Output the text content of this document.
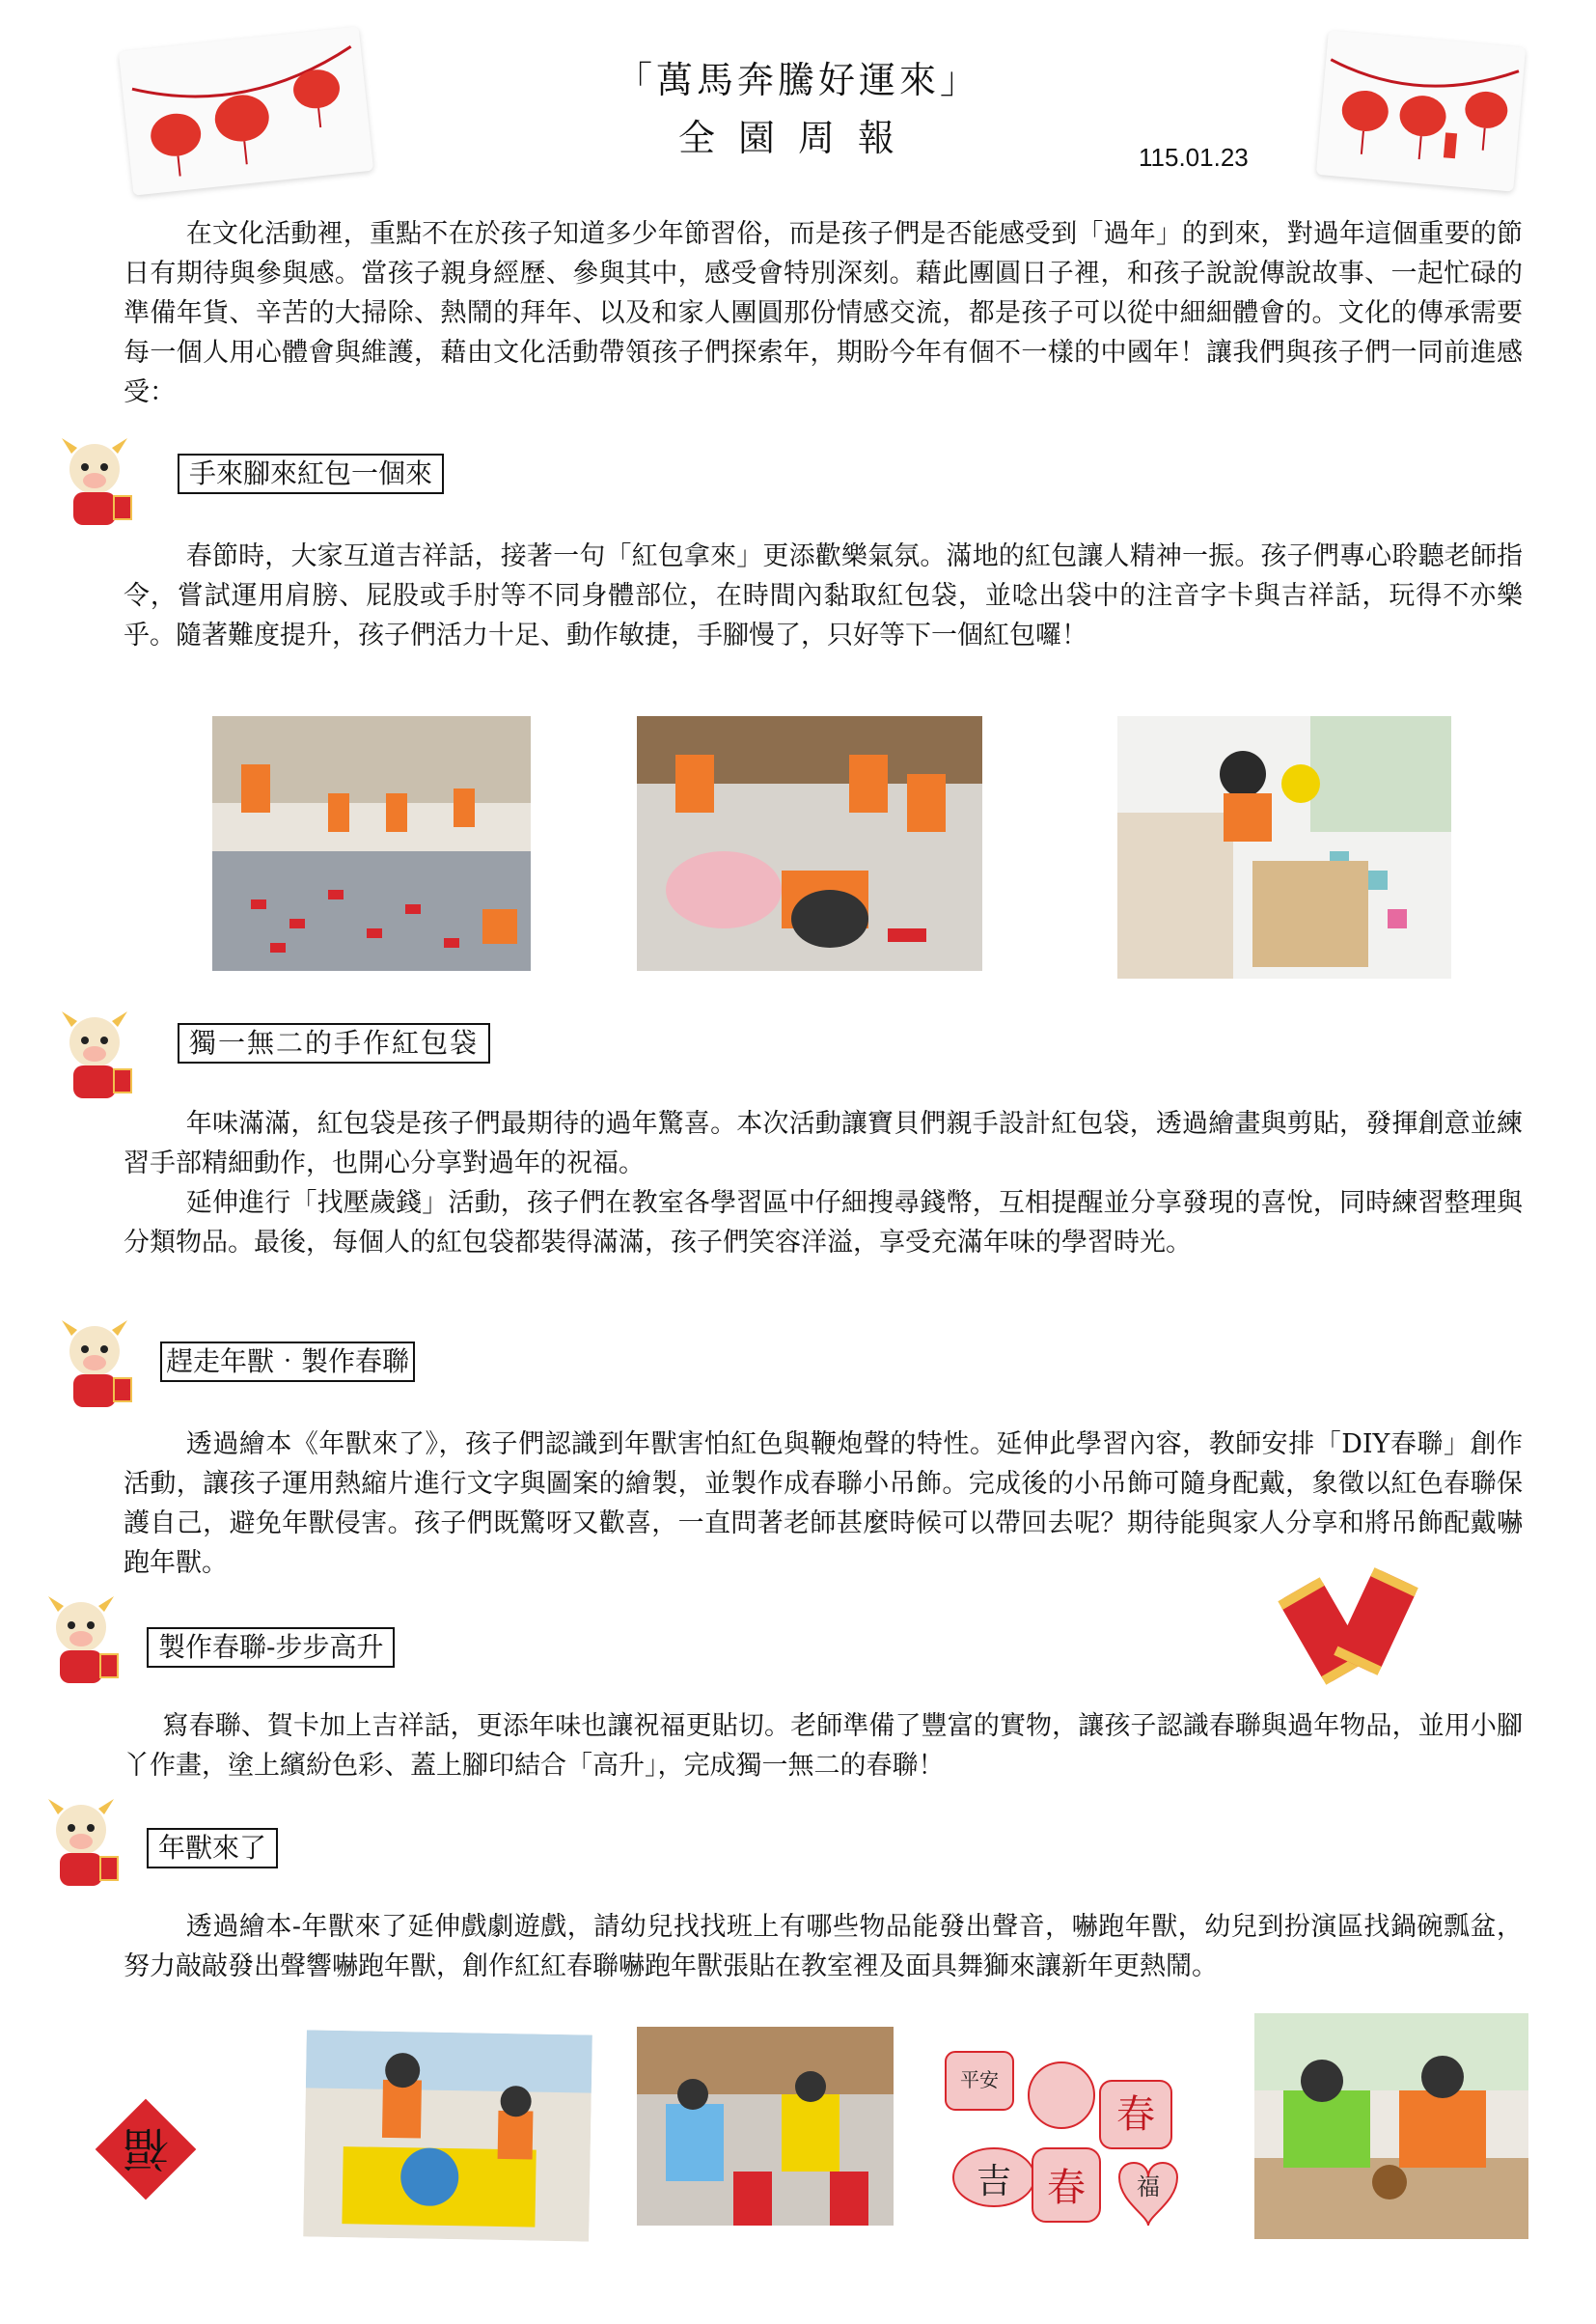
「萬馬奔騰好運來」
全園周報	115.01.23
在文化活動裡，重點不在於孩子知道多少年節習俗，而是孩子們是否能感受到「過年」的到來，對過年這個重要的節日有期待與參與感。當孩子親身經歷、參與其中，感受會特別深刻。藉此團圓日子裡，和孩子說說傳說故事、一起忙碌的準備年貨、辛苦的大掃除、熱鬧的拜年、以及和家人團圓那份情感交流，都是孩子可以從中細細體會的。文化的傳承需要每一個人用心體會與維護，藉由文化活動帶領孩子們探索年，期盼今年有個不一樣的中國年！讓我們與孩子們一同前進感受：
手來腳來紅包一個來
春節時，大家互道吉祥話，接著一句「紅包拿來」更添歡樂氣氛。滿地的紅包讓人精神一振。孩子們專心聆聽老師指令，嘗試運用肩膀、屁股或手肘等不同身體部位，在時間內黏取紅包袋，並唸出袋中的注音字卡與吉祥話，玩得不亦樂乎。隨著難度提升，孩子們活力十足、動作敏捷，手腳慢了，只好等下一個紅包囉！
獨一無二的手作紅包袋
年味滿滿，紅包袋是孩子們最期待的過年驚喜。本次活動讓寶貝們親手設計紅包袋，透過繪畫與剪貼，發揮創意並練習手部精細動作，也開心分享對過年的祝福。
延伸進行「找壓歲錢」活動，孩子們在教室各學習區中仔細搜尋錢幣，互相提醒並分享發現的喜悅，同時練習整理與分類物品。最後，每個人的紅包袋都裝得滿滿，孩子們笑容洋溢，享受充滿年味的學習時光。
趕走年獸‧製作春聯
透過繪本《年獸來了》，孩子們認識到年獸害怕紅色與鞭炮聲的特性。延伸此學習內容，教師安排「DIY春聯」創作活動，讓孩子運用熱縮片進行文字與圖案的繪製，並製作成春聯小吊飾。完成後的小吊飾可隨身配戴，象徵以紅色春聯保護自己，避免年獸侵害。孩子們既驚呀又歡喜，一直問著老師甚麼時候可以帶回去呢？期待能與家人分享和將吊飾配戴嚇跑年獸。
製作春聯-步步高升
寫春聯、賀卡加上吉祥話，更添年味也讓祝福更貼切。老師準備了豐富的實物，讓孩子認識春聯與過年物品，並用小腳丫作畫，塗上繽紛色彩、蓋上腳印結合「高升」，完成獨一無二的春聯！
年獸來了
透過繪本-年獸來了延伸戲劇遊戲，請幼兒找找班上有哪些物品能發出聲音，嚇跑年獸，幼兒到扮演區找鍋碗瓢盆，努力敲敲發出聲響嚇跑年獸，創作紅紅春聯嚇跑年獸張貼在教室裡及面具舞獅來讓新年更熱鬧。
福
平安
春
吉 春 福
